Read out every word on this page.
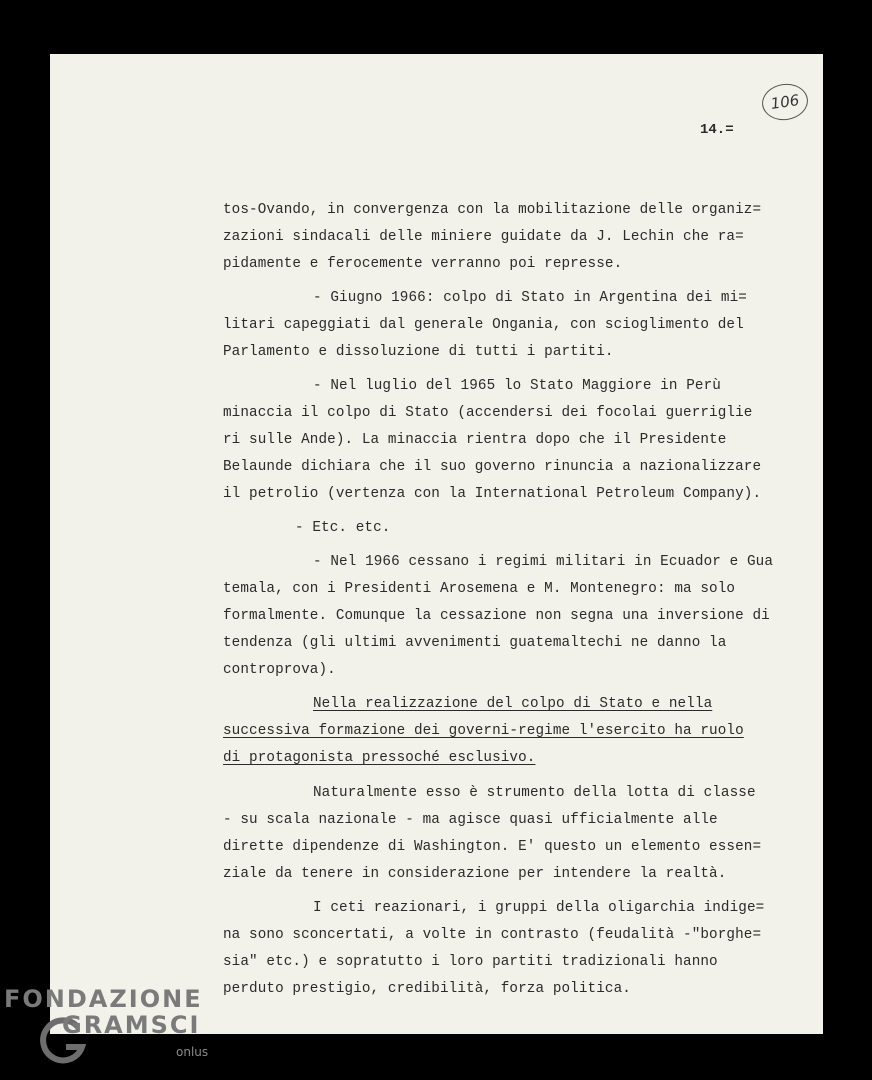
106
14.=
tos-Ovando, in convergenza con la mobilitazione delle organiz=
zazioni sindacali delle miniere guidate da J. Lechin che ra=
pidamente e ferocemente verranno poi represse.
- Giugno 1966: colpo di Stato in Argentina dei mi=
litari capeggiati dal generale Ongania, con scioglimento del
Parlamento e dissoluzione di tutti i partiti.
- Nel luglio del 1965 lo Stato Maggiore in Perù
minaccia il colpo di Stato (accendersi dei focolai guerriglie
ri sulle Ande). La minaccia rientra dopo che il Presidente
Belaunde dichiara che il suo governo rinuncia a nazionalizzare
il petrolio (vertenza con la International Petroleum Company).
- Etc. etc.
- Nel 1966 cessano i regimi militari in Ecuador e Gua
temala, con i Presidenti Arosemena e M. Montenegro: ma solo
formalmente. Comunque la cessazione non segna una inversione di
tendenza (gli ultimi avvenimenti guatemaltechi ne danno la
controprova).
Nella realizzazione del colpo di Stato e nella
successiva formazione dei governi-regime l'esercito ha ruolo
di protagonista pressoché esclusivo.
Naturalmente esso è strumento della lotta di classe
- su scala nazionale - ma agisce quasi ufficialmente alle
dirette dipendenze di Washington. E' questo un elemento essen=
ziale da tenere in considerazione per intendere la realtà.
I ceti reazionari, i gruppi della oligarchia indige=
na sono sconcertati, a volte in contrasto (feudalità -"borghe=
sia" etc.) e sopratutto i loro partiti tradizionali hanno
perduto prestigio, credibilità, forza politica.
FONDAZIONE
GRAMSCI
onlus
